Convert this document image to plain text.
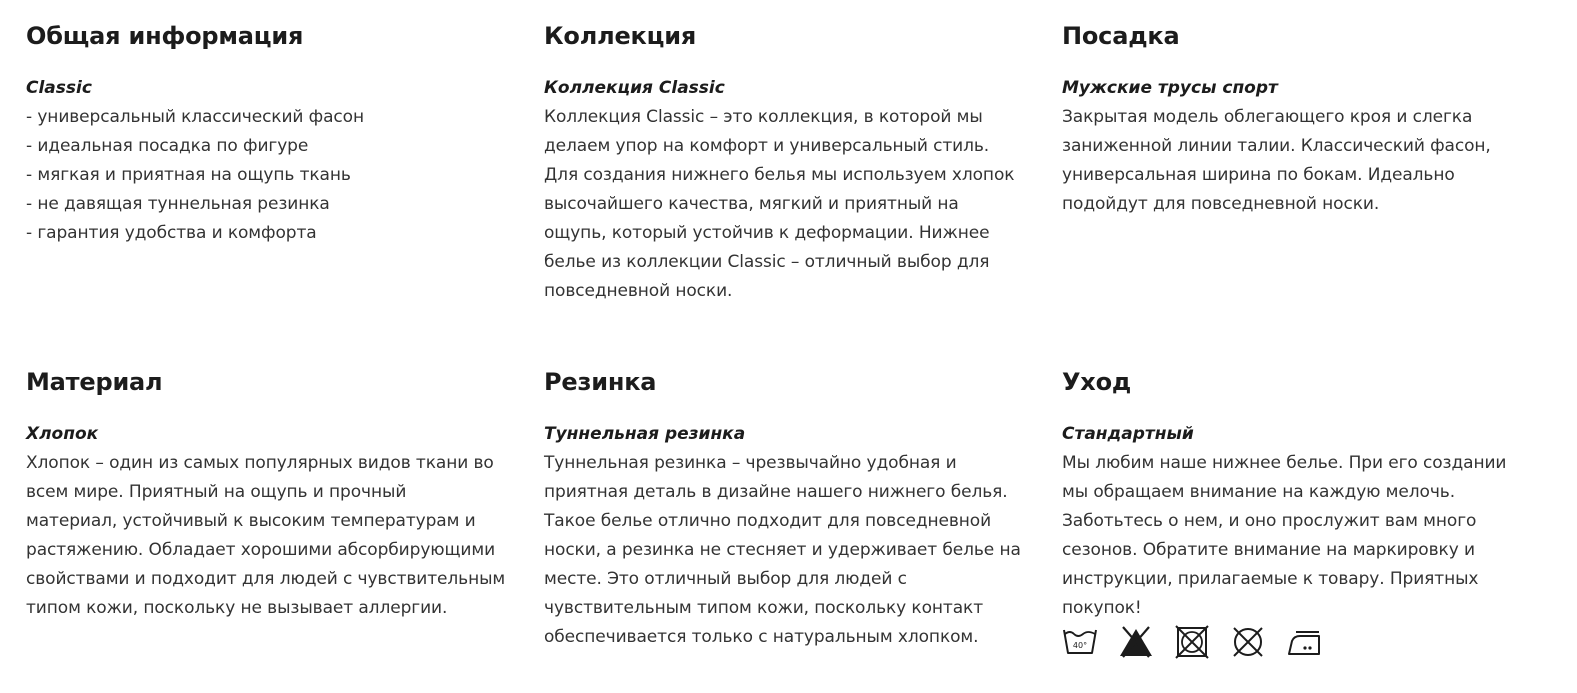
Общая информация
Classic
- универсальный классический фасон
- идеальная посадка по фигуре
- мягкая и приятная на ощупь ткань
- не давящая туннельная резинка
- гарантия удобства и комфорта
Коллекция
Коллекция Classic
Коллекция Classic – это коллекция, в которой мы
делаем упор на комфорт и универсальный стиль.
Для создания нижнего белья мы используем хлопок
высочайшего качества, мягкий и приятный на
ощупь, который устойчив к деформации. Нижнее
белье из коллекции Classic – отличный выбор для
повседневной носки.
Посадка
Мужские трусы спорт
Закрытая модель облегающего кроя и слегка
заниженной линии талии. Классический фасон,
универсальная ширина по бокам. Идеально
подойдут для повседневной носки.
Материал
Хлопок
Хлопок – один из самых популярных видов ткани во
всем мире. Приятный на ощупь и прочный
материал, устойчивый к высоким температурам и
растяжению. Обладает хорошими абсорбирующими
свойствами и подходит для людей с чувствительным
типом кожи, поскольку не вызывает аллергии.
Резинка
Туннельная резинка
Туннельная резинка – чрезвычайно удобная и
приятная деталь в дизайне нашего нижнего белья.
Такое белье отлично подходит для повседневной
носки, а резинка не стесняет и удерживает белье на
месте. Это отличный выбор для людей с
чувствительным типом кожи, поскольку контакт
обеспечивается только с натуральным хлопком.
Уход
Стандартный
Мы любим наше нижнее белье. При его создании
мы обращаем внимание на каждую мелочь.
Заботьтесь о нем, и оно прослужит вам много
сезонов. Обратите внимание на маркировку и
инструкции, прилагаемые к товару. Приятных
покупок!
40°
